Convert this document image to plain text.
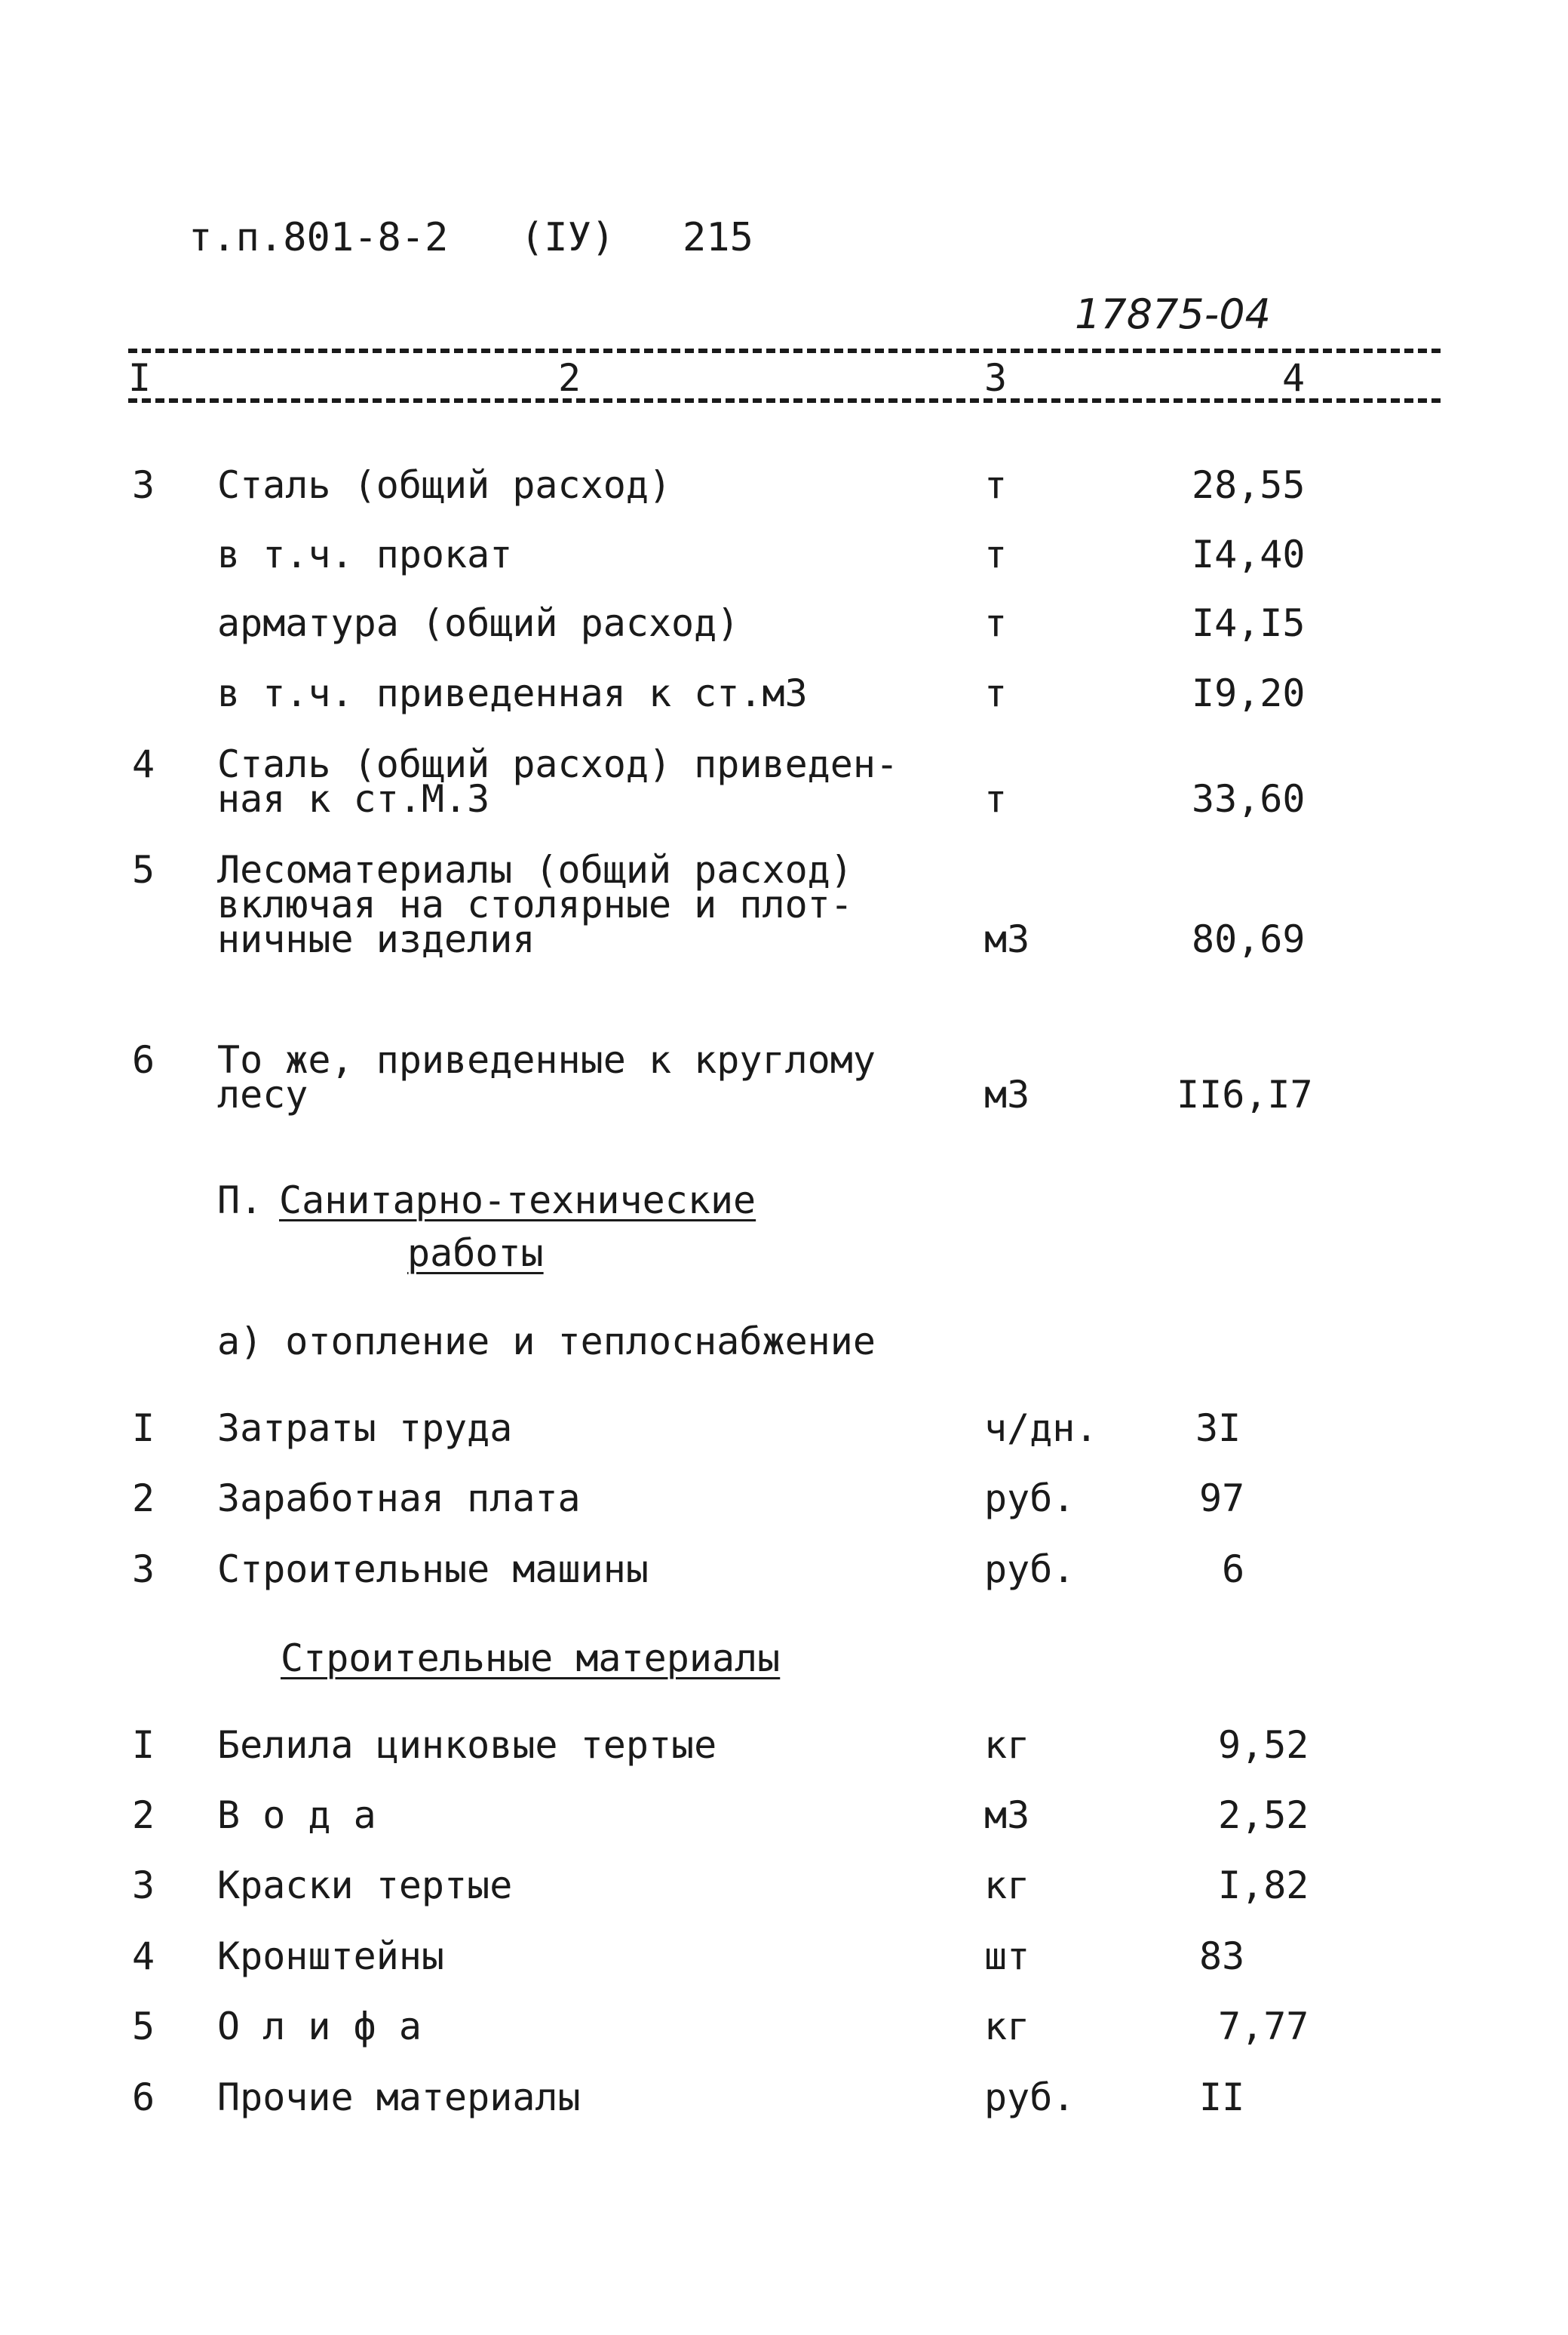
т.п.801-8-2 (IУ) 215
17875-04
I	2	3	4
3 Сталь (общий расход)	т	28,55
в т.ч. прокат	т	I4,40
арматура (общий расход)	т	I4,I5
в т.ч. приведенная к ст.м3	т	I9,20
4 Сталь (общий расход) приведен-
ная к ст.М.3	т	33,60
5 Лесоматериалы (общий расход)
включая на столярные и плот-
ничные изделия	м3	80,69
6 То же, приведенные к круглому
лесу	м3	II6,I7
П. Санитарно-технические
работы
а) отопление и теплоснабжение
I Затраты труда	ч/дн.	3I
2 Заработная плата	руб.	97
3 Строительные машины	руб.	6
Строительные материалы
I Белила цинковые тертые	кг	9,52
2 В о д а	м3	2,52
3 Краски тертые	кг	I,82
4 Кронштейны	шт	83
5 О л и ф а	кг	7,77
6 Прочие материалы	руб.	II
